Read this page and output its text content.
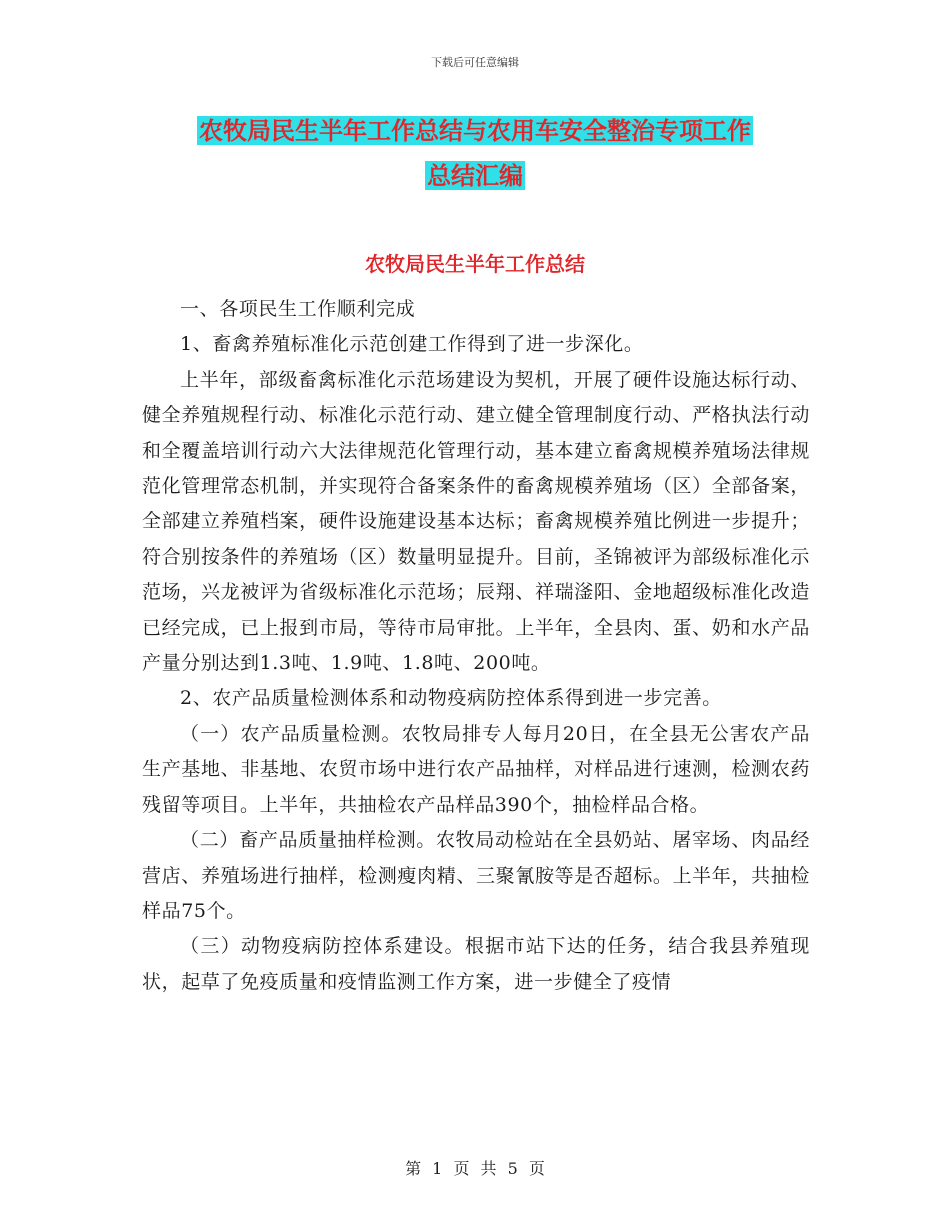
下载后可任意编辑
农牧局民生半年工作总结与农用车安全整治专项工作
总结汇编
农牧局民生半年工作总结

一、各项民生工作顺利完成

1、畜禽养殖标准化示范创建工作得到了进一步深化。

上半年，部级畜禽标准化示范场建设为契机，开展了硬件设施达标行动、健全养殖规程行动、标准化示范行动、建立健全管理制度行动、严格执法行动和全覆盖培训行动六大法律规范化管理行动，基本建立畜禽规模养殖场法律规范化管理常态机制，并实现符合备案条件的畜禽规模养殖场（区）全部备案，全部建立养殖档案，硬件设施建设基本达标；畜禽规模养殖比例进一步提升；符合别按条件的养殖场（区）数量明显提升。目前，圣锦被评为部级标准化示范场，兴龙被评为省级标准化示范场；辰翔、祥瑞滏阳、金地超级标准化改造已经完成，已上报到市局，等待市局审批。上半年，全县肉、蛋、奶和水产品产量分别达到1.3吨、1.9吨、1.8吨、200吨。

2、农产品质量检测体系和动物疫病防控体系得到进一步完善。

（一）农产品质量检测。农牧局排专人每月20日，在全县无公害农产品生产基地、非基地、农贸市场中进行农产品抽样，对样品进行速测，检测农药残留等项目。上半年，共抽检农产品样品390个，抽检样品合格。

（二）畜产品质量抽样检测。农牧局动检站在全县奶站、屠宰场、肉品经营店、养殖场进行抽样，检测瘦肉精、三聚氰胺等是否超标。上半年，共抽检样品75个。

（三）动物疫病防控体系建设。根据市站下达的任务，结合我县养殖现状，起草了免疫质量和疫情监测工作方案，进一步健全了疫情

第 1 页 共 5 页
